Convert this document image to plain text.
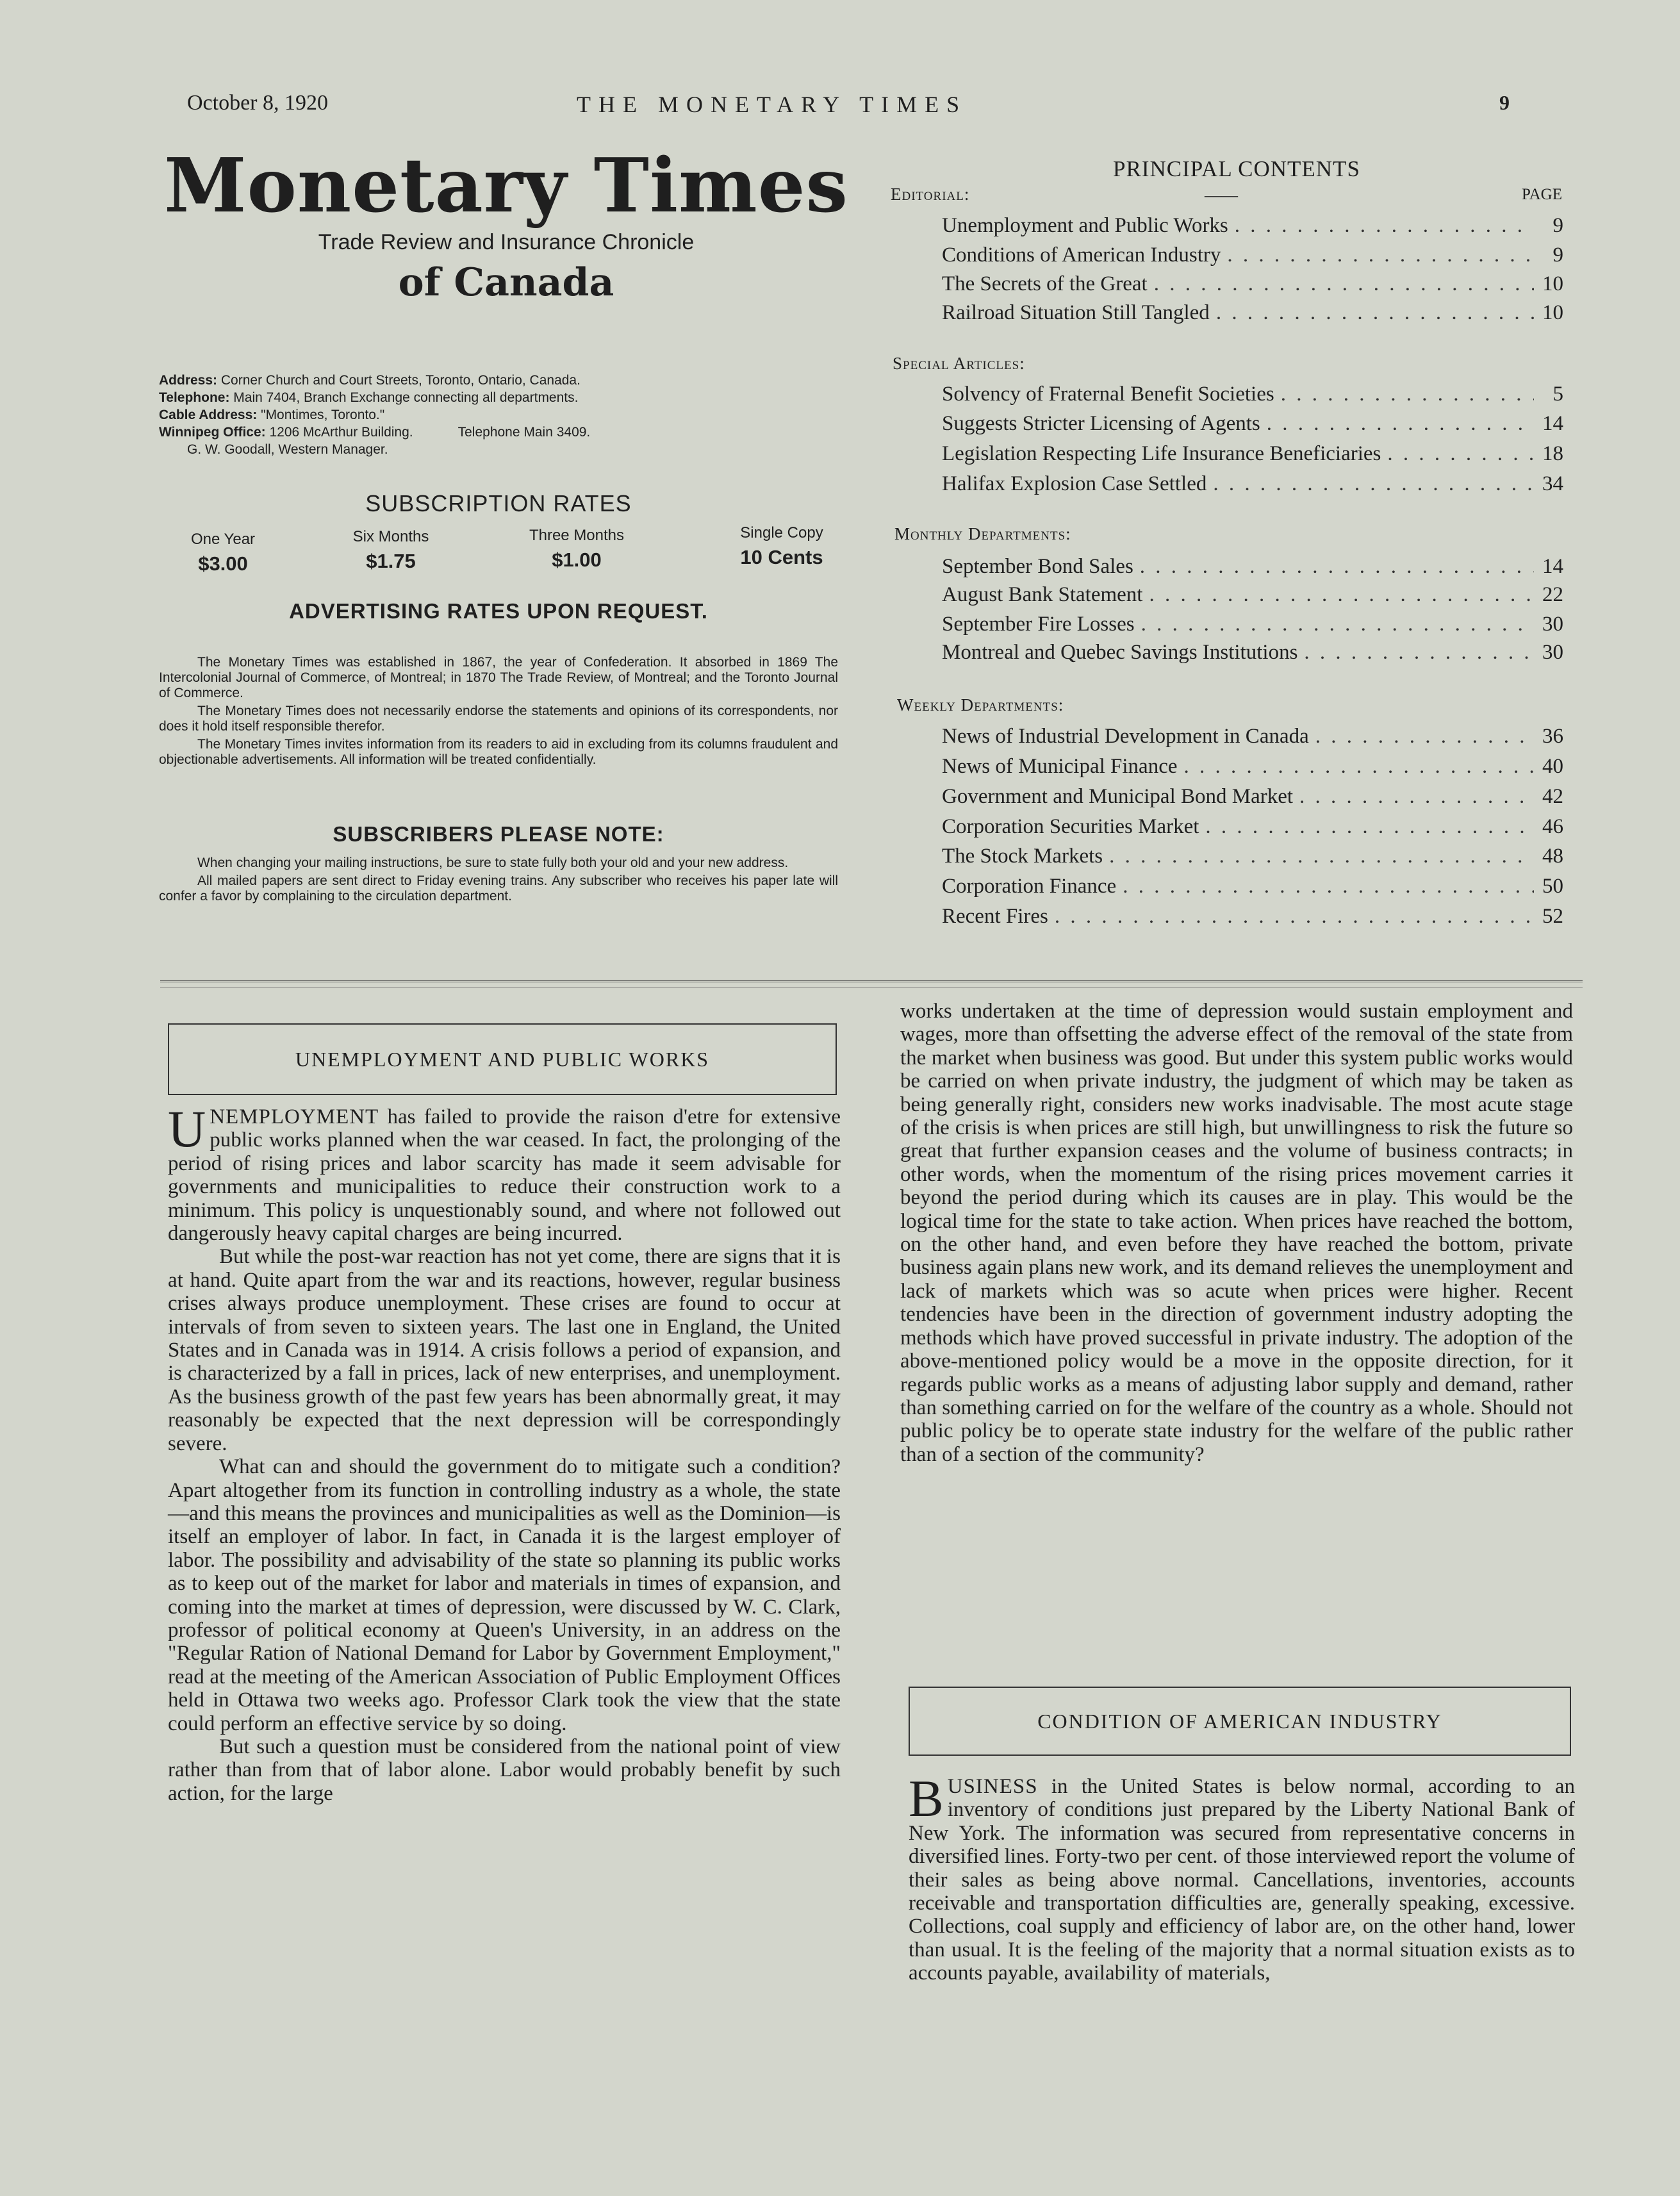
October 8, 1920	THE MONETARY TIMES	9
Monetary Times
Trade Review and Insurance Chronicle
of Canada
Address: Corner Church and Court Streets, Toronto, Ontario, Canada.
Telephone: Main 7404, Branch Exchange connecting all departments.
Cable Address: "Montimes, Toronto."
Winnipeg Office: 1206 McArthur Building.	Telephone Main 3409.
G. W. Goodall, Western Manager.
SUBSCRIPTION RATES
One Year
$3.00
Six Months
$1.75
Three Months
$1.00
Single Copy
10 Cents
ADVERTISING RATES UPON REQUEST.

The Monetary Times was established in 1867, the year of Confederation. It absorbed in 1869 The Intercolonial Journal of Commerce, of Montreal; in 1870 The Trade Review, of Montreal; and the Toronto Journal of Commerce.

The Monetary Times does not necessarily endorse the statements and opinions of its correspondents, nor does it hold itself responsible therefor.

The Monetary Times invites information from its readers to aid in excluding from its columns fraudulent and objectionable advertisements. All information will be treated confidentially.

SUBSCRIBERS PLEASE NOTE:

When changing your mailing instructions, be sure to state fully both your old and your new address.

All mailed papers are sent direct to Friday evening trains. Any subscriber who receives his paper late will confer a favor by complaining to the circulation department.

PRINCIPAL CONTENTS
——	PAGE
Editorial:
Unemployment and Public Works . . .	9
Conditions of American Industry . . .	9
The Secrets of the Great . . .	10
Railroad Situation Still Tangled . . .	10
Special Articles:
Solvency of Fraternal Benefit Societies . . .	5
Suggests Stricter Licensing of Agents . . .	14
Legislation Respecting Life Insurance Beneficiaries . . .	18
Halifax Explosion Case Settled . . .	34
Monthly Departments:
September Bond Sales . . .	14
August Bank Statement . . .	22
September Fire Losses . . .	30
Montreal and Quebec Savings Institutions . . .	30
Weekly Departments:
News of Industrial Development in Canada . . .	36
News of Municipal Finance . . .	40
Government and Municipal Bond Market . . .	42
Corporation Securities Market . . .	46
The Stock Markets . . .	48
Corporation Finance . . .	50
Recent Fires . . .	52
UNEMPLOYMENT AND PUBLIC WORKS

UNEMPLOYMENT has failed to provide the raison d'etre for extensive public works planned when the war ceased. In fact, the prolonging of the period of rising prices and labor scarcity has made it seem advisable for governments and municipalities to reduce their construction work to a minimum. This policy is unquestionably sound, and where not followed out dangerously heavy capital charges are being incurred.

But while the post-war reaction has not yet come, there are signs that it is at hand. Quite apart from the war and its reactions, however, regular business crises always produce unemployment. These crises are found to occur at intervals of from seven to sixteen years. The last one in England, the United States and in Canada was in 1914. A crisis follows a period of expansion, and is characterized by a fall in prices, lack of new enterprises, and unemployment. As the business growth of the past few years has been abnormally great, it may reasonably be expected that the next depression will be correspondingly severe.

What can and should the government do to mitigate such a condition? Apart altogether from its function in controlling industry as a whole, the state—and this means the provinces and municipalities as well as the Dominion—is itself an employer of labor. In fact, in Canada it is the largest employer of labor. The possibility and advisability of the state so planning its public works as to keep out of the market for labor and materials in times of expansion, and coming into the market at times of depression, were discussed by W. C. Clark, professor of political economy at Queen's University, in an address on the "Regular Ration of National Demand for Labor by Government Employment," read at the meeting of the American Association of Public Employment Offices held in Ottawa two weeks ago. Professor Clark took the view that the state could perform an effective service by so doing.

But such a question must be considered from the national point of view rather than from that of labor alone. Labor would probably benefit by such action, for the large

works undertaken at the time of depression would sustain employment and wages, more than offsetting the adverse effect of the removal of the state from the market when business was good. But under this system public works would be carried on when private industry, the judgment of which may be taken as being generally right, considers new works inadvisable. The most acute stage of the crisis is when prices are still high, but unwillingness to risk the future so great that further expansion ceases and the volume of business contracts; in other words, when the momentum of the rising prices movement carries it beyond the period during which its causes are in play. This would be the logical time for the state to take action. When prices have reached the bottom, on the other hand, and even before they have reached the bottom, private business again plans new work, and its demand relieves the unemployment and lack of markets which was so acute when prices were higher. Recent tendencies have been in the direction of government industry adopting the methods which have proved successful in private industry. The adoption of the above-mentioned policy would be a move in the opposite direction, for it regards public works as a means of adjusting labor supply and demand, rather than something carried on for the welfare of the country as a whole. Should not public policy be to operate state industry for the welfare of the public rather than of a section of the community?

CONDITION OF AMERICAN INDUSTRY

BUSINESS in the United States is below normal, according to an inventory of conditions just prepared by the Liberty National Bank of New York. The information was secured from representative concerns in diversified lines. Forty-two per cent. of those interviewed report the volume of their sales as being above normal. Cancellations, inventories, accounts receivable and transportation difficulties are, generally speaking, excessive. Collections, coal supply and efficiency of labor are, on the other hand, lower than usual. It is the feeling of the majority that a normal situation exists as to accounts payable, availability of materials,
